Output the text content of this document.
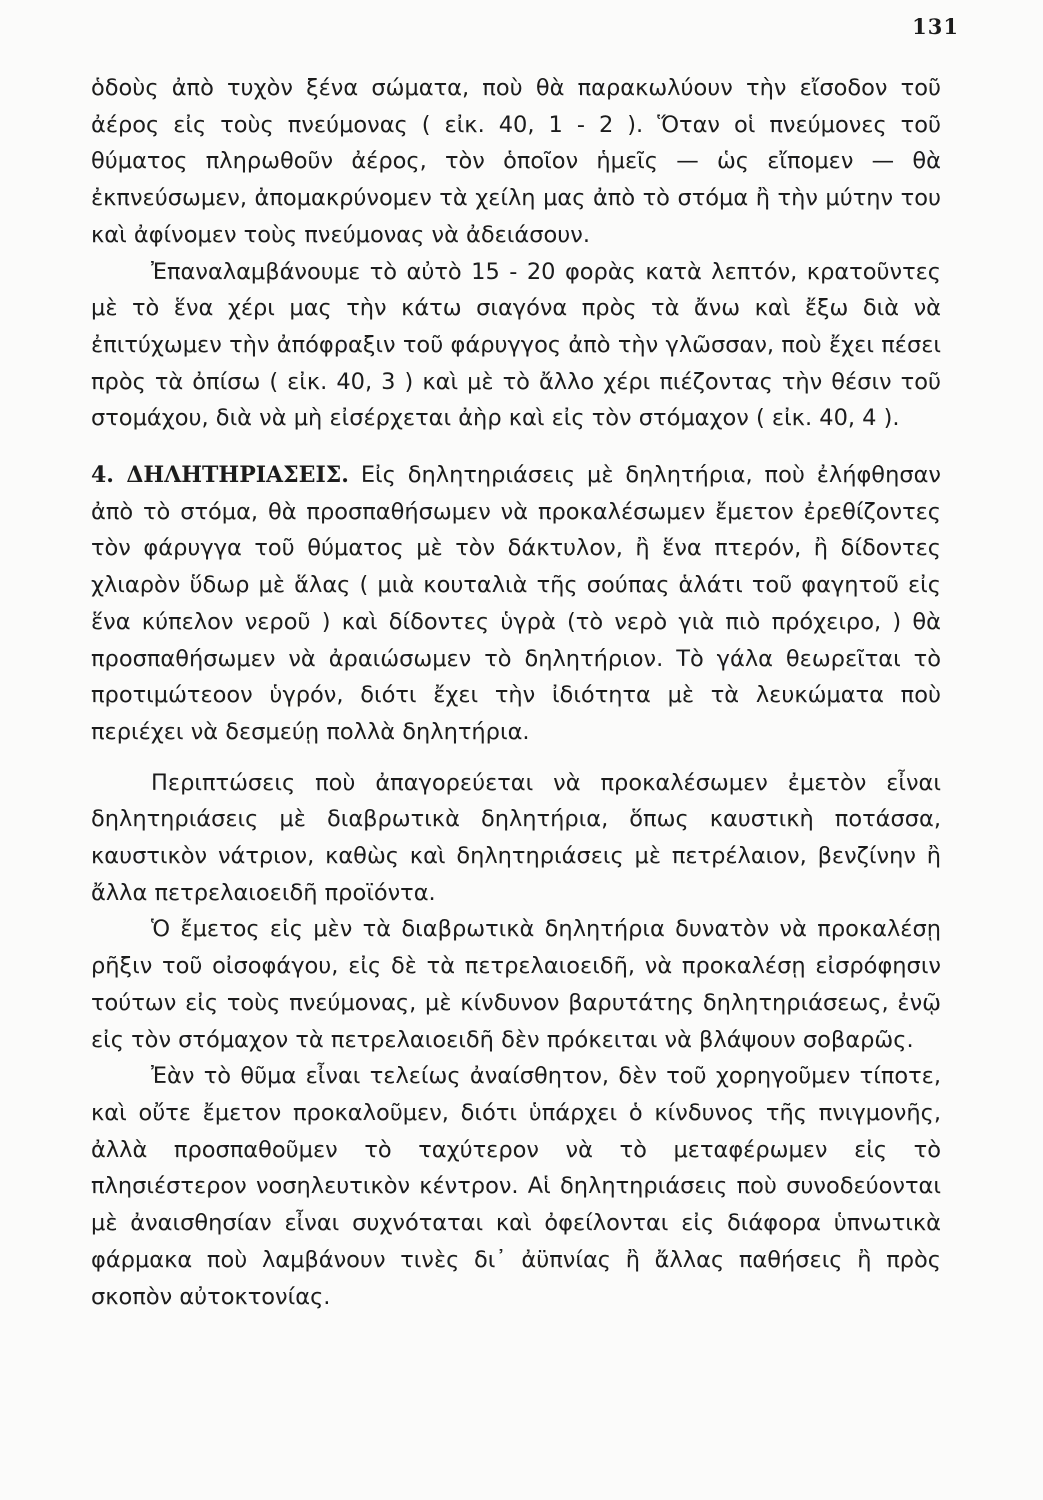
131

ὁδοὺς ἀπὸ τυχὸν ξένα σώματα, ποὺ θὰ παρακωλύουν τὴν εἴσοδον τοῦ ἀέρος εἰς τοὺς πνεύμονας ( εἰκ. 40, 1 - 2 ). Ὅταν οἱ πνεύμονες τοῦ θύματος πληρωθοῦν ἀέρος, τὸν ὁποῖον ἡμεῖς — ὡς εἴπομεν — θὰ ἐκπνεύσωμεν, ἀπομακρύνομεν τὰ χείλη μας ἀπὸ τὸ στόμα ἢ τὴν μύτην του καὶ ἀφίνομεν τοὺς πνεύμονας νὰ ἀδειάσουν.

Ἐπαναλαμβάνουμε τὸ αὐτὸ 15 - 20 φορὰς κατὰ λεπτόν, κρατοῦντες μὲ τὸ ἕνα χέρι μας τὴν κάτω σιαγόνα πρὸς τὰ ἄνω καὶ ἔξω διὰ νὰ ἐπιτύχωμεν τὴν ἀπόφραξιν τοῦ φάρυγγος ἀπὸ τὴν γλῶσσαν, ποὺ ἔχει πέσει πρὸς τὰ ὀπίσω ( εἰκ. 40, 3 ) καὶ μὲ τὸ ἄλλο χέρι πιέζοντας τὴν θέσιν τοῦ στομάχου, διὰ νὰ μὴ εἰσέρχεται ἀὴρ καὶ εἰς τὸν στόμαχον ( εἰκ. 40, 4 ).

4. ΔΗΛΗΤΗΡΙΑΣΕΙΣ. Εἰς δηλητηριάσεις μὲ δηλητήρια, ποὺ ἐλήφθησαν ἀπὸ τὸ στόμα, θὰ προσπαθήσωμεν νὰ προκαλέσωμεν ἔμετον ἐρεθίζοντες τὸν φάρυγγα τοῦ θύματος μὲ τὸν δάκτυλον, ἢ ἕνα πτερόν, ἢ δίδοντες χλιαρὸν ὕδωρ μὲ ἅλας ( μιὰ κουταλιὰ τῆς σούπας ἁλάτι τοῦ φαγητοῦ εἰς ἕνα κύπελον νεροῦ ) καὶ δίδοντες ὑγρὰ (τὸ νερὸ γιὰ πιὸ πρόχειρο, ) θὰ προσπαθήσωμεν νὰ ἀραιώσωμεν τὸ δηλητήριον. Τὸ γάλα θεωρεῖται τὸ προτιμώτεοον ὑγρόν, διότι ἔχει τὴν ἰδιότητα μὲ τὰ λευκώματα ποὺ περιέχει νὰ δεσμεύῃ πολλὰ δηλητήρια.

Περιπτώσεις ποὺ ἀπαγορεύεται νὰ προκαλέσωμεν ἐμετὸν εἶναι δηλητηριάσεις μὲ διαβρωτικὰ δηλητήρια, ὅπως καυστικὴ ποτάσσα, καυστικὸν νάτριον, καθὼς καὶ δηλητηριάσεις μὲ πετρέλαιον, βενζίνην ἢ ἄλλα πετρελαιοειδῆ προϊόντα.

Ὁ ἔμετος εἰς μὲν τὰ διαβρωτικὰ δηλητήρια δυνατὸν νὰ προκαλέσῃ ρῆξιν τοῦ οἰσοφάγου, εἰς δὲ τὰ πετρελαιοειδῆ, νὰ προκαλέσῃ εἰσρόφησιν τούτων εἰς τοὺς πνεύμονας, μὲ κίνδυνον βαρυτάτης δηλητηριάσεως, ἐνῷ εἰς τὸν στόμαχον τὰ πετρελαιοειδῆ δὲν πρόκειται νὰ βλάψουν σοβαρῶς.

Ἐὰν τὸ θῦμα εἶναι τελείως ἀναίσθητον, δὲν τοῦ χορηγοῦμεν τίποτε, καὶ οὔτε ἔμετον προκαλοῦμεν, διότι ὑπάρχει ὁ κίνδυνος τῆς πνιγμονῆς, ἀλλὰ προσπαθοῦμεν τὸ ταχύτερον νὰ τὸ μεταφέρωμεν εἰς τὸ πλησιέστερον νοσηλευτικὸν κέντρον. Αἱ δηλητηριάσεις ποὺ συνοδεύονται μὲ ἀναισθησίαν εἶναι συχνόταται καὶ ὀφείλονται εἰς διάφορα ὑπνωτικὰ φάρμακα ποὺ λαμβάνουν τινὲς δι᾽ ἀϋπνίας ἢ ἄλλας παθήσεις ἢ πρὸς σκοπὸν αὐτοκτονίας.
